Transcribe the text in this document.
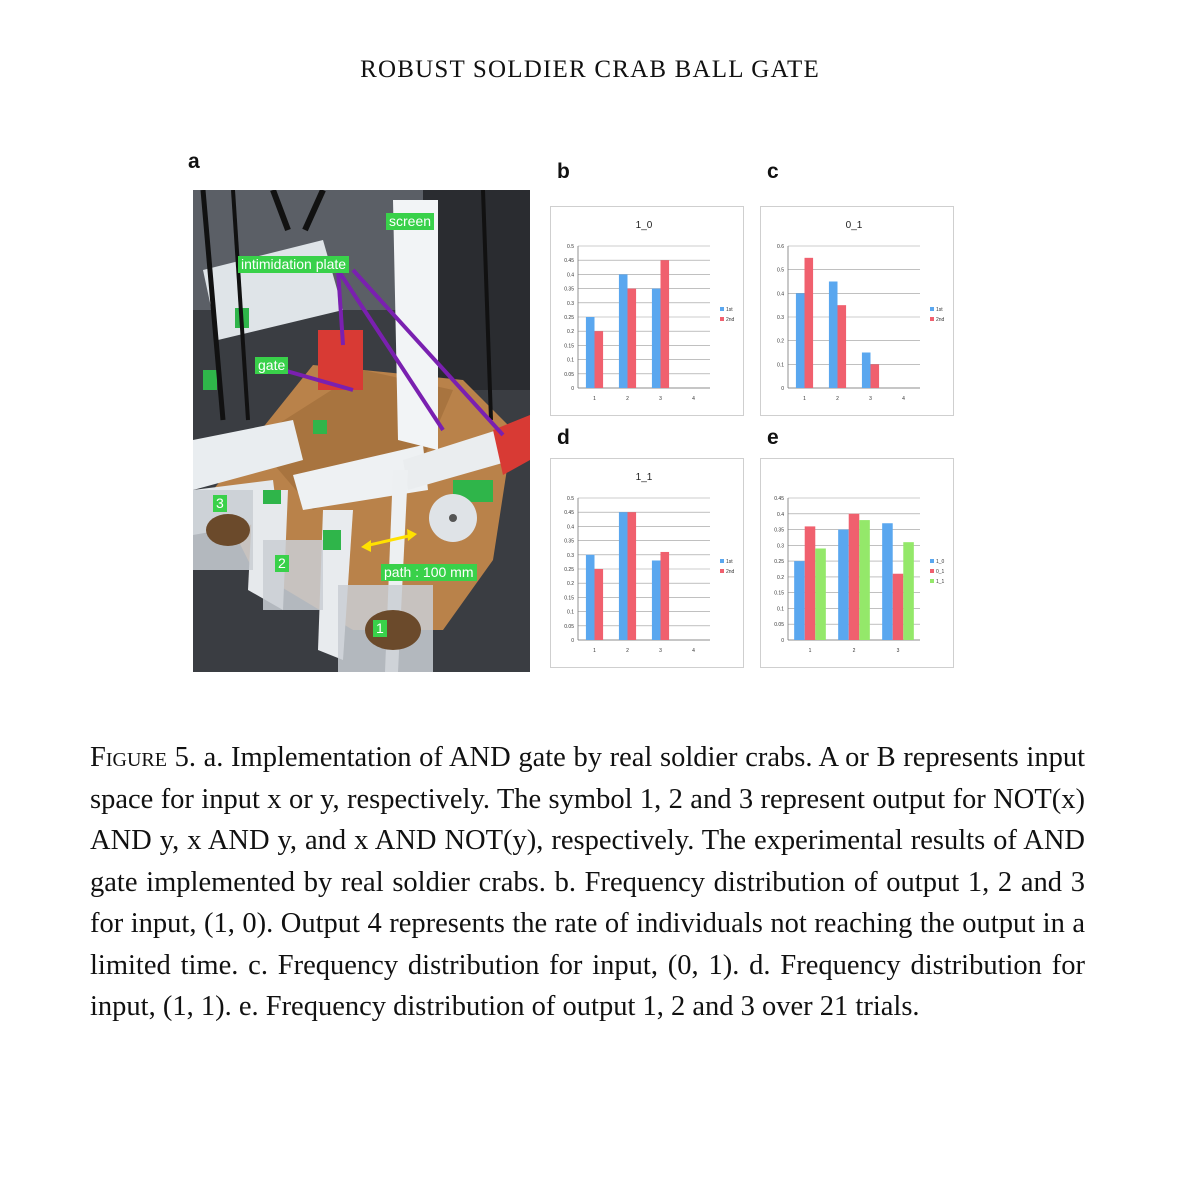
ROBUST SOLDIER CRAB BALL GATE
a	b	c
d	e
screen
intimidation plate
gate
path : 100 mm
3
2
1
1_0
0
0.05
0.1
0.15
0.2
0.25
0.3
0.35
0.4
0.45
0.5
1	2	3	4
1st
2nd
0_1
0
0.1
0.2
0.3
0.4
0.5
0.6
1	2	3	4
1st
2nd
1_1
0
0.05
0.1
0.15
0.2
0.25
0.3
0.35
0.4
0.45
0.5
1	2	3	4
1st
2nd
0
0.05
0.1
0.15
0.2
0.25
0.3
0.35
0.4
0.45
1	2	3
1_0
0_1
1_1
Figure 5. a. Implementation of AND gate by real soldier crabs. A or B represents input space for input x or y, respectively. The symbol 1, 2 and 3 represent output for NOT(x) AND y, x AND y, and x AND NOT(y), respectively. The experimental results of AND gate implemented by real soldier crabs. b. Frequency distribution of output 1, 2 and 3 for input, (1, 0). Output 4 represents the rate of individuals not reaching the output in a limited time. c. Frequency distribution for input, (0, 1). d. Frequency distribution for input, (1, 1). e. Frequency distribution of output 1, 2 and 3 over 21 trials.
